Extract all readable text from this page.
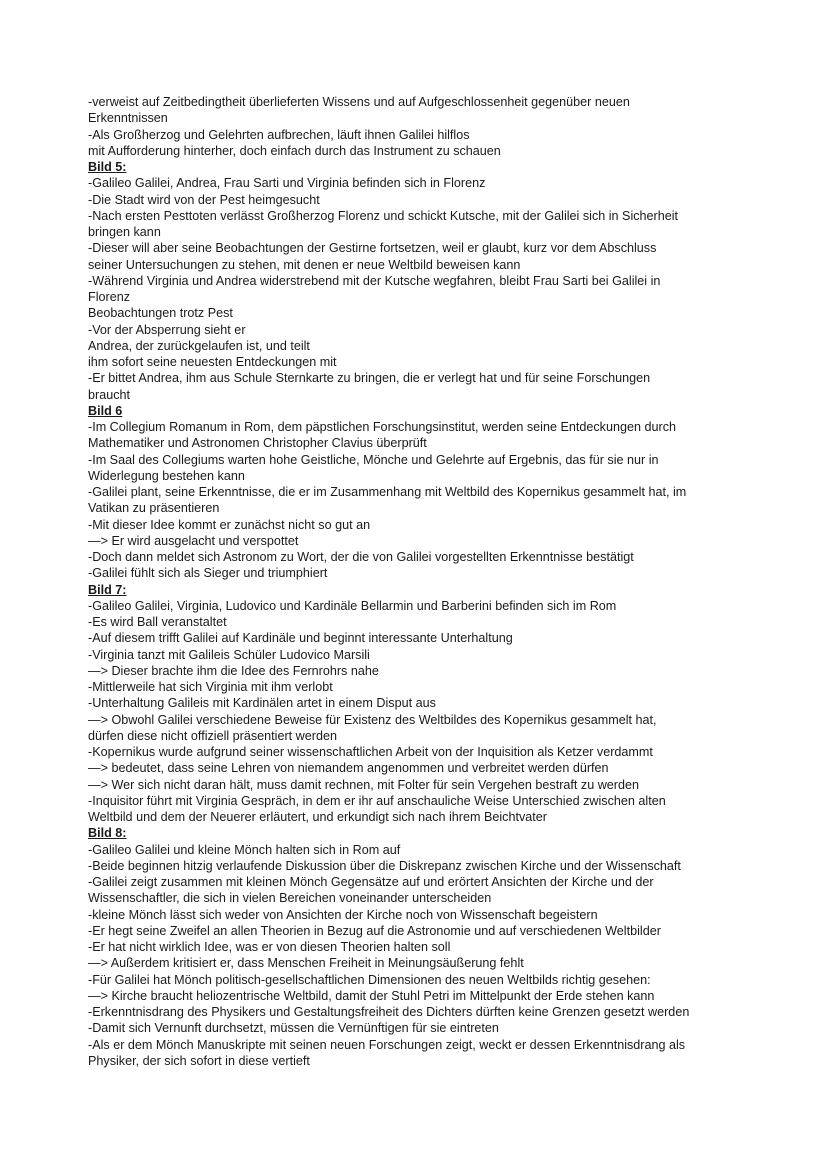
-verweist auf Zeitbedingtheit überlieferten Wissens und auf Aufgeschlossenheit gegenüber neuen
Erkenntnissen
-Als Großherzog und Gelehrten aufbrechen, läuft ihnen Galilei hilflos
mit Aufforderung hinterher, doch einfach durch das Instrument zu schauen
Bild 5:
-Galileo Galilei, Andrea, Frau Sarti und Virginia befinden sich in Florenz
-Die Stadt wird von der Pest heimgesucht
-Nach ersten Pesttoten verlässt Großherzog Florenz und schickt Kutsche, mit der Galilei sich in Sicherheit
bringen kann
-Dieser will aber seine Beobachtungen der Gestirne fortsetzen, weil er glaubt, kurz vor dem Abschluss
seiner Untersuchungen zu stehen, mit denen er neue Weltbild beweisen kann
-Während Virginia und Andrea widerstrebend mit der Kutsche wegfahren, bleibt Frau Sarti bei Galilei in
Florenz
Beobachtungen trotz Pest
-Vor der Absperrung sieht er
Andrea, der zurückgelaufen ist, und teilt
ihm sofort seine neuesten Entdeckungen mit
-Er bittet Andrea, ihm aus Schule Sternkarte zu bringen, die er verlegt hat und für seine Forschungen
braucht
Bild 6
-Im Collegium Romanum in Rom, dem päpstlichen Forschungsinstitut, werden seine Entdeckungen durch
Mathematiker und Astronomen Christopher Clavius überprüft
-Im Saal des Collegiums warten hohe Geistliche, Mönche und Gelehrte auf Ergebnis, das für sie nur in
Widerlegung bestehen kann
-Galilei plant, seine Erkenntnisse, die er im Zusammenhang mit Weltbild des Kopernikus gesammelt hat, im
Vatikan zu präsentieren
-Mit dieser Idee kommt er zunächst nicht so gut an
—> Er wird ausgelacht und verspottet
-Doch dann meldet sich Astronom zu Wort, der die von Galilei vorgestellten Erkenntnisse bestätigt
-Galilei fühlt sich als Sieger und triumphiert
Bild 7:
-Galileo Galilei, Virginia, Ludovico und Kardinäle Bellarmin und Barberini befinden sich im Rom
-Es wird Ball veranstaltet
-Auf diesem trifft Galilei auf Kardinäle und beginnt interessante Unterhaltung
-Virginia tanzt mit Galileis Schüler Ludovico Marsili
—> Dieser brachte ihm die Idee des Fernrohrs nahe
-Mittlerweile hat sich Virginia mit ihm verlobt
-Unterhaltung Galileis mit Kardinälen artet in einem Disput aus
—> Obwohl Galilei verschiedene Beweise für Existenz des Weltbildes des Kopernikus gesammelt hat,
dürfen diese nicht offiziell präsentiert werden
-Kopernikus wurde aufgrund seiner wissenschaftlichen Arbeit von der Inquisition als Ketzer verdammt
—> bedeutet, dass seine Lehren von niemandem angenommen und verbreitet werden dürfen
—> Wer sich nicht daran hält, muss damit rechnen, mit Folter für sein Vergehen bestraft zu werden
-Inquisitor führt mit Virginia Gespräch, in dem er ihr auf anschauliche Weise Unterschied zwischen alten
Weltbild und dem der Neuerer erläutert, und erkundigt sich nach ihrem Beichtvater
Bild 8:
-Galileo Galilei und kleine Mönch halten sich in Rom auf
-Beide beginnen hitzig verlaufende Diskussion über die Diskrepanz zwischen Kirche und der Wissenschaft
-Galilei zeigt zusammen mit kleinen Mönch Gegensätze auf und erörtert Ansichten der Kirche und der
Wissenschaftler, die sich in vielen Bereichen voneinander unterscheiden
-kleine Mönch lässt sich weder von Ansichten der Kirche noch von Wissenschaft begeistern
-Er hegt seine Zweifel an allen Theorien in Bezug auf die Astronomie und auf verschiedenen Weltbilder
-Er hat nicht wirklich Idee, was er von diesen Theorien halten soll
—> Außerdem kritisiert er, dass Menschen Freiheit in Meinungsäußerung fehlt
-Für Galilei hat Mönch politisch-gesellschaftlichen Dimensionen des neuen Weltbilds richtig gesehen:
—> Kirche braucht heliozentrische Weltbild, damit der Stuhl Petri im Mittelpunkt der Erde stehen kann
-Erkenntnisdrang des Physikers und Gestaltungsfreiheit des Dichters dürften keine Grenzen gesetzt werden
-Damit sich Vernunft durchsetzt, müssen die Vernünftigen für sie eintreten
-Als er dem Mönch Manuskripte mit seinen neuen Forschungen zeigt, weckt er dessen Erkenntnisdrang als
Physiker, der sich sofort in diese vertieft
